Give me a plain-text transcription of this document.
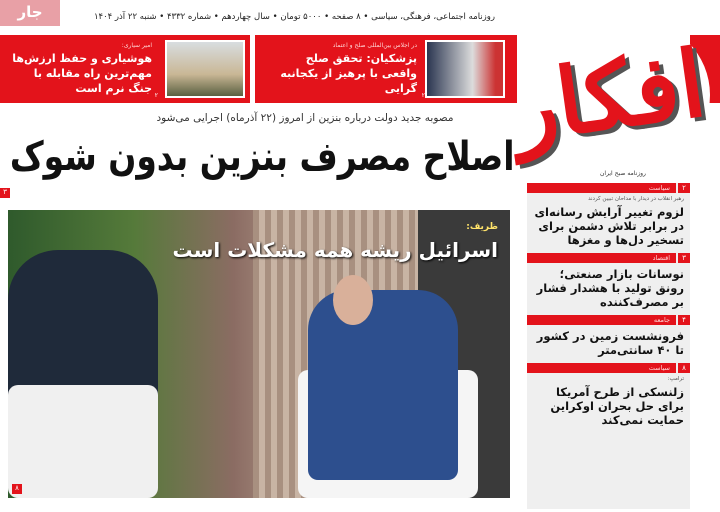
جار	روزنامه اجتماعی، فرهنگی، سیاسی • ۸ صفحه • ۵۰۰۰ تومان • سال چهاردهم • شماره ۴۳۳۲ • شنبه ۲۲ آذر ۱۴۰۴
در اجلاس بین‌المللی صلح و اعتماد
پزشکیان: تحقق صلح واقعی با پرهیز از یکجانبه گرایی
۲
امیر سیاری:
هوشیاری و حفظ ارزش‌ها مهم‌ترین راه مقابله با جنگ نرم است
۲	افکار
روزنامه صبح ایران
مصوبه جدید دولت درباره بنزین از امروز (۲۲ آذرماه) اجرایی می‌شود
اصلاح مصرف بنزین بدون شوک
۳
ظریف:
اسرائیل ریشه همه مشکلات است
۸
۲
سیاست
رهبر انقلاب در دیدار با مداحان تبیین کردند
لزوم تغییر آرایش رسانه‌ای در برابر تلاش دشمن برای تسخیر دل‌ها و مغزها
۳
اقتصاد
نوسانات بازار صنعتی؛ رونق تولید با هشدار فشار بر مصرف‌کننده
۴
جامعه
فرونشست زمین در کشور تا ۴۰ سانتی‌متر
۸
سیاست
ترامپ:
زلنسکی از طرح آمریکا برای حل بحران اوکراین حمایت نمی‌کند
